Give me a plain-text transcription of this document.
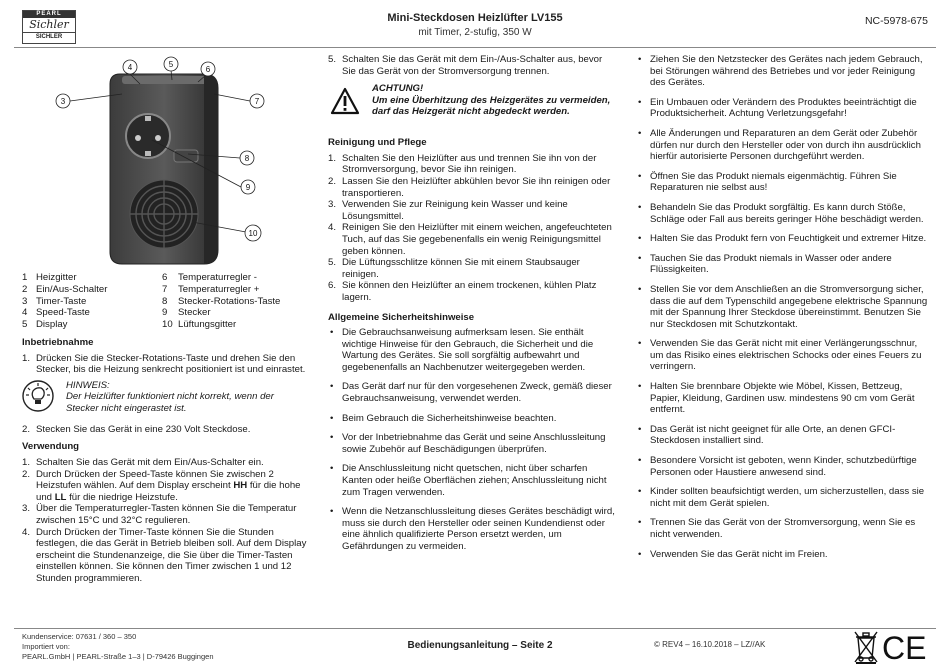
PEARL
Sichler
SICHLER
Mini-Steckdosen Heizlüfter LV155
mit Timer, 2-stufig, 350 W
NC-5978-675
3
4	5
6
7
8
9
10
1 Heizgitter	6	Temperaturregler -
2 Ein/Aus-Schalter	7	Temperaturregler +
3 Timer-Taste	8	Stecker-Rotations-Taste
4 Speed-Taste	9	Stecker
5 Display	10 Lüftungsgitter
Inbetriebnahme
1. Drücken Sie die Stecker-Rotations-Taste und drehen Sie den Stecker, bis die Heizung senkrecht positioniert ist und einrastet.
HINWEIS:
Der Heizlüfter funktioniert nicht korrekt, wenn der Stecker nicht eingerastet ist.
2. Stecken Sie das Gerät in eine 230 Volt Steckdose.
Verwendung
1. Schalten Sie das Gerät mit dem Ein/Aus-Schalter ein.
2. Durch Drücken der Speed-Taste können Sie zwischen 2 Heizstufen wählen. Auf dem Display erscheint HH für die hohe und LL für die niedrige Heizstufe.
3. Über die Temperaturregler-Tasten können Sie die Temperatur zwischen 15°C und 32°C regulieren.
4. Durch Drücken der Timer-Taste können Sie die Stunden festlegen, die das Gerät in Betrieb bleiben soll. Auf dem Display erscheint die Stundenanzeige, die Sie über die Timer-Tasten einstellen können. Sie können den Timer zwischen 1 und 12 Stunden programmieren.
5. Schalten Sie das Gerät mit dem Ein-/Aus-Schalter aus, bevor Sie das Gerät von der Stromversorgung trennen.
ACHTUNG!
Um eine Überhitzung des Heizgerätes zu vermeiden, darf das Heizgerät nicht abgedeckt werden.
Reinigung und Pflege
1. Schalten Sie den Heizlüfter aus und trennen Sie ihn von der Stromversorgung, bevor Sie ihn reinigen.
2. Lassen Sie den Heizlüfter abkühlen bevor Sie ihn reinigen oder transportieren.
3. Verwenden Sie zur Reinigung kein Wasser und keine Lösungsmittel.
4. Reinigen Sie den Heizlüfter mit einem weichen, angefeuchteten Tuch, auf das Sie gegebenenfalls ein wenig Reinigungsmittel geben können.
5. Die Lüftungsschlitze können Sie mit einem Staubsauger reinigen.
6. Sie können den Heizlüfter an einem trockenen, kühlen Platz lagern.
Allgemeine Sicherheitshinweise
• Die Gebrauchsanweisung aufmerksam lesen. Sie enthält wichtige Hinweise für den Gebrauch, die Sicherheit und die Wartung des Gerätes. Sie soll sorgfältig aufbewahrt und gegebenenfalls an Nachbenutzer weitergegeben werden.
• Das Gerät darf nur für den vorgesehenen Zweck, gemäß dieser Gebrauchsanweisung, verwendet werden.
• Beim Gebrauch die Sicherheitshinweise beachten.
• Vor der Inbetriebnahme das Gerät und seine Anschlussleitung sowie Zubehör auf Beschädigungen überprüfen.
• Die Anschlussleitung nicht quetschen, nicht über scharfen Kanten oder heiße Oberflächen ziehen; Anschlussleitung nicht zum Tragen verwenden.
• Wenn die Netzanschlussleitung dieses Gerätes beschädigt wird, muss sie durch den Hersteller oder seinen Kundendienst oder eine ähnlich qualifizierte Person ersetzt werden, um Gefährdungen zu vermeiden.
• Ziehen Sie den Netzstecker des Gerätes nach jedem Gebrauch, bei Störungen während des Betriebes und vor jeder Reinigung des Gerätes.
• Ein Umbauen oder Verändern des Produktes beeinträchtigt die Produktsicherheit. Achtung Verletzungsgefahr!
• Alle Änderungen und Reparaturen an dem Gerät oder Zubehör dürfen nur durch den Hersteller oder von durch ihn ausdrücklich hierfür autorisierte Personen durchgeführt werden.
• Öffnen Sie das Produkt niemals eigenmächtig. Führen Sie Reparaturen nie selbst aus!
• Behandeln Sie das Produkt sorgfältig. Es kann durch Stöße, Schläge oder Fall aus bereits geringer Höhe beschädigt werden.
• Halten Sie das Produkt fern von Feuchtigkeit und extremer Hitze.
• Tauchen Sie das Produkt niemals in Wasser oder andere Flüssigkeiten.
• Stellen Sie vor dem Anschließen an die Stromversorgung sicher, dass die auf dem Typenschild angegebene elektrische Spannung mit der Spannung Ihrer Steckdose übereinstimmt. Benutzen Sie nur Steckdosen mit Schutzkontakt.
• Verwenden Sie das Gerät nicht mit einer Verlängerungsschnur, um das Risiko eines elektrischen Schocks oder eines Feuers zu verringern.
• Halten Sie brennbare Objekte wie Möbel, Kissen, Bettzeug, Papier, Kleidung, Gardinen usw. mindestens 90 cm vom Gerät entfernt.
• Das Gerät ist nicht geeignet für alle Orte, an denen GFCI-Steckdosen installiert sind.
• Besondere Vorsicht ist geboten, wenn Kinder, schutzbedürftige Personen oder Haustiere anwesend sind.
• Kinder sollten beaufsichtigt werden, um sicherzustellen, dass sie nicht mit dem Gerät spielen.
• Trennen Sie das Gerät von der Stromversorgung, wenn Sie es nicht verwenden.
• Verwenden Sie das Gerät nicht im Freien.
Kundenservice: 07631 / 360 – 350
Importiert von:
PEARL.GmbH | PEARL-Straße 1–3 | D-79426 Buggingen
Bedienungsanleitung – Seite 2	© REV4 – 16.10.2018 – LZ//AK	CE
